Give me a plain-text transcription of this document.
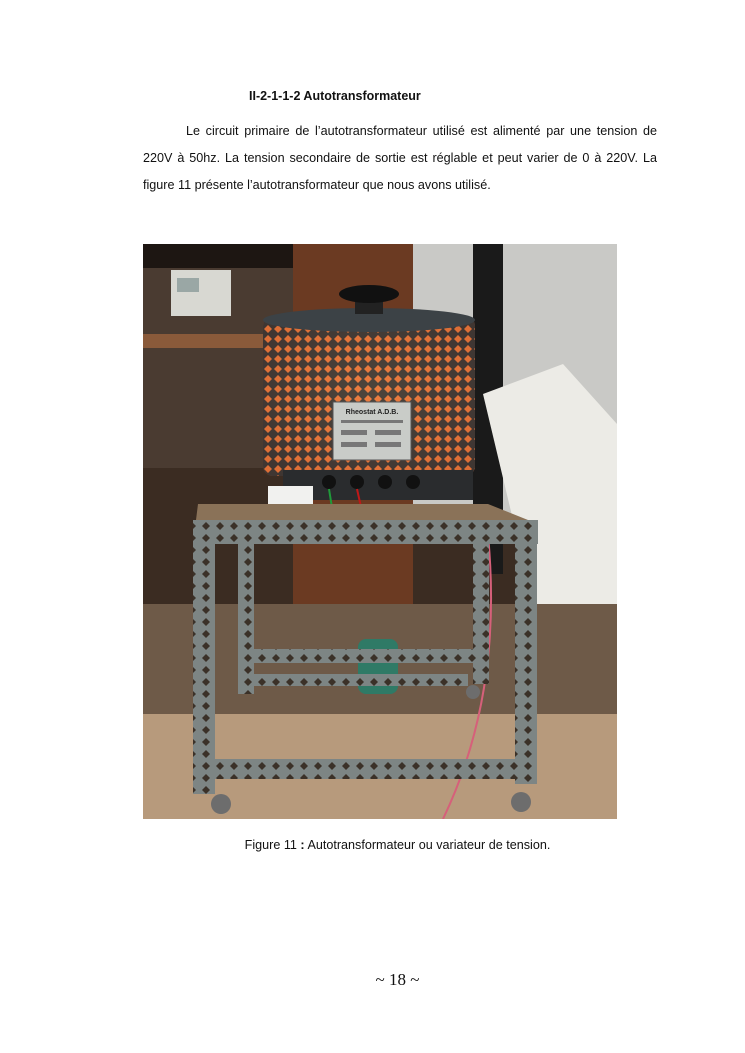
II-2-1-1-2 Autotransformateur

Le circuit primaire de l’autotransformateur utilisé est alimenté par une tension de 220V à 50hz. La tension secondaire de sortie est réglable et peut varier de 0 à 220V. La figure 11 présente l’autotransformateur que nous avons utilisé.

Rheostat A.D.B.
Figure 11 : Autotransformateur ou variateur de tension.
~ 18 ~
